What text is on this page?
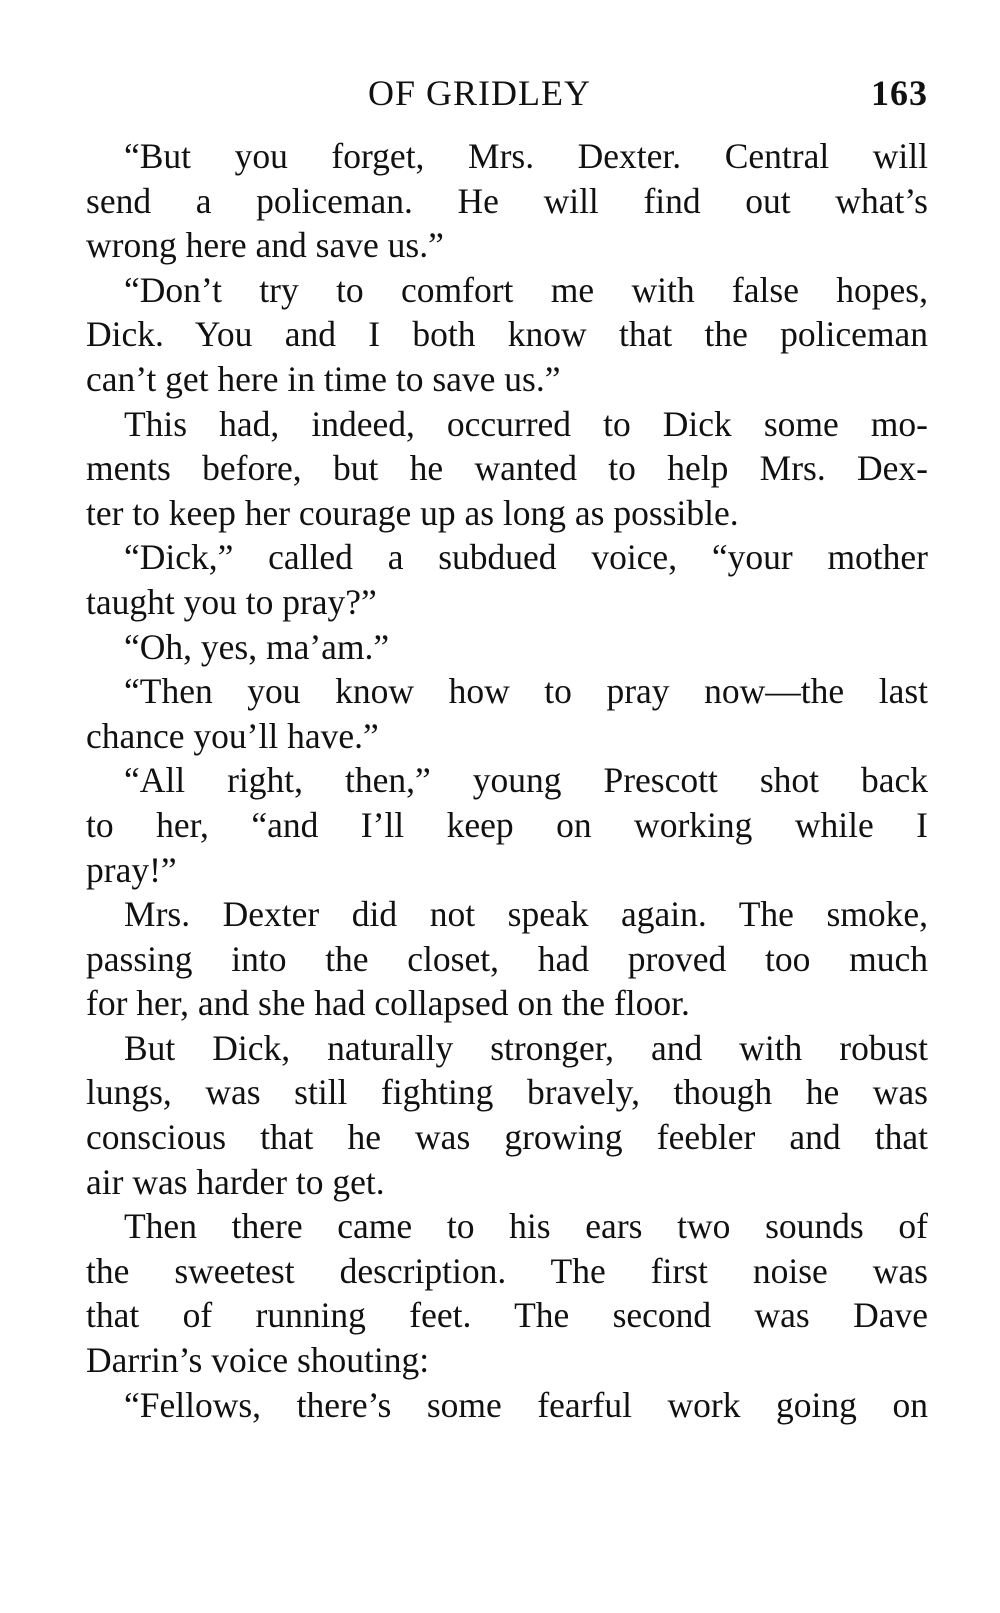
OF GRIDLEY	163
“But you forget, Mrs. Dexter. Central will
send a policeman. He will find out what’s
wrong here and save us.”
“Don’t try to comfort me with false hopes,
Dick. You and I both know that the policeman
can’t get here in time to save us.”
This had, indeed, occurred to Dick some mo-
ments before, but he wanted to help Mrs. Dex-
ter to keep her courage up as long as possible.
“Dick,” called a subdued voice, “your mother
taught you to pray?”
“Oh, yes, ma’am.”
“Then you know how to pray now—the last
chance you’ll have.”
“All right, then,” young Prescott shot back
to her, “and I’ll keep on working while I
pray!”
Mrs. Dexter did not speak again. The smoke,
passing into the closet, had proved too much
for her, and she had collapsed on the floor.
But Dick, naturally stronger, and with robust
lungs, was still fighting bravely, though he was
conscious that he was growing feebler and that
air was harder to get.
Then there came to his ears two sounds of
the sweetest description. The first noise was
that of running feet. The second was Dave
Darrin’s voice shouting:
“Fellows, there’s some fearful work going on
